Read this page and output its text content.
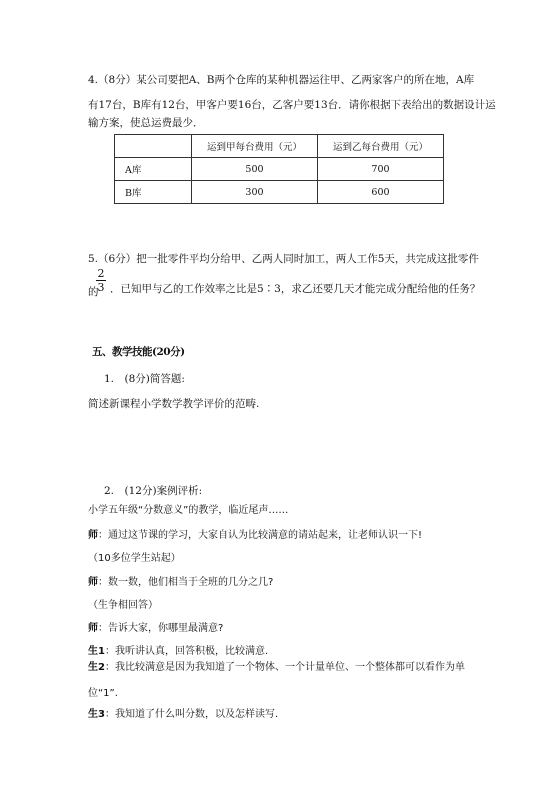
4.（8分）某公司要把A、B两个仓库的某种机器运往甲、乙两家客户的所在地，A库
有17台，B库有12台，甲客户要16台，乙客户要13台．请你根据下表给出的数据设计运
输方案，使总运费最少．
	运到甲每台费用（元）	运到乙每台费用（元）
A库	500	700
B库	300	600
5.（6分）把一批零件平均分给甲、乙两人同时加工，两人工作5天，共完成这批零件
的
2
3 ．已知甲与乙的工作效率之比是5∶3，求乙还要几天才能完成分配给他的任务？
五、教学技能(20分)
1.　(8分)简答题:
简述新课程小学数学教学评价的范畴.
2.　(12分)案例评析:
小学五年级“分数意义”的教学，临近尾声……
师：通过这节课的学习，大家自认为比较满意的请站起来，让老师认识一下!
（10多位学生站起）
师：数一数，他们相当于全班的几分之几?
（生争相回答）
师：告诉大家，你哪里最满意?
生1：我听讲认真，回答积极，比较满意.
生2：我比较满意是因为我知道了一个物体、一个计量单位、一个整体都可以看作为单
位“1”.
生3：我知道了什么叫分数，以及怎样读写.
